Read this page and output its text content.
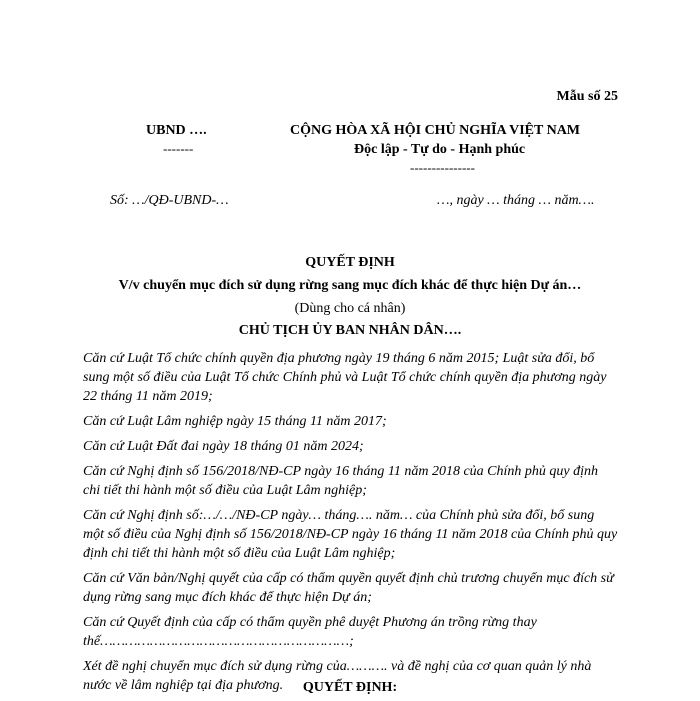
Mẫu số 25
UBND ….
-------
CỘNG HÒA XÃ HỘI CHỦ NGHĨA VIỆT NAM
Độc lập - Tự do - Hạnh phúc
---------------
Số: …/QĐ-UBND-…	…, ngày … tháng … năm….
QUYẾT ĐỊNH
V/v chuyển mục đích sử dụng rừng sang mục đích khác để thực hiện Dự án…
(Dùng cho cá nhân)
CHỦ TỊCH ỦY BAN NHÂN DÂN….
Căn cứ Luật Tổ chức chính quyền địa phương ngày 19 tháng 6 năm 2015; Luật sửa đổi, bổ sung một số điều của Luật Tổ chức Chính phủ và Luật Tổ chức chính quyền địa phương ngày 22 tháng 11 năm 2019;
Căn cứ Luật Lâm nghiệp ngày 15 tháng 11 năm 2017;
Căn cứ Luật Đất đai ngày 18 tháng 01 năm 2024;
Căn cứ Nghị định số 156/2018/NĐ-CP ngày 16 tháng 11 năm 2018 của Chính phủ quy định chi tiết thi hành một số điều của Luật Lâm nghiệp;
Căn cứ Nghị định số:…/…/NĐ-CP ngày… tháng…. năm… của Chính phủ sửa đổi, bổ sung một số điều của Nghị định số 156/2018/NĐ-CP ngày 16 tháng 11 năm 2018 của Chính phủ quy định chi tiết thi hành một số điều của Luật Lâm nghiệp;
Căn cứ Văn bản/Nghị quyết của cấp có thẩm quyền quyết định chủ trương chuyển mục đích sử dụng rừng sang mục đích khác để thực hiện Dự án;
Căn cứ Quyết định của cấp có thẩm quyền phê duyệt Phương án trồng rừng thay thế……………………………………………………;
Xét đề nghị chuyển mục đích sử dụng rừng của………. và đề nghị của cơ quan quản lý nhà nước về lâm nghiệp tại địa phương.	QUYẾT ĐỊNH:
